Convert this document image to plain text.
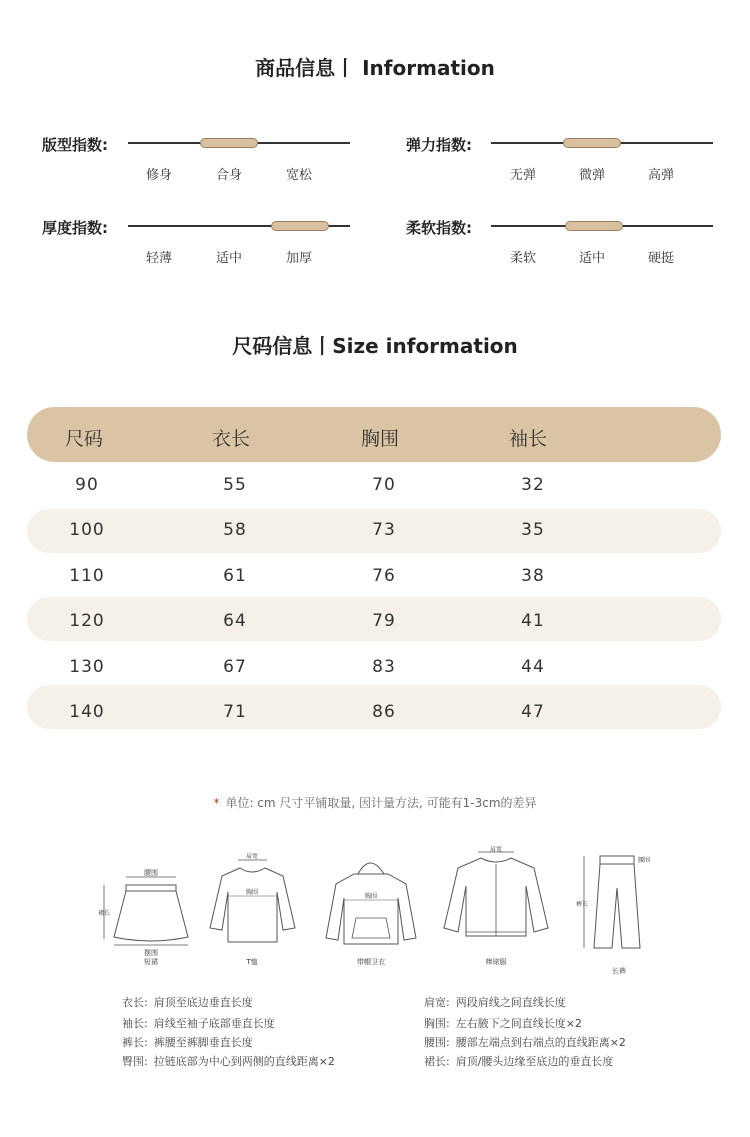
商品信息丨 Information
版型指数:
修身	合身	宽松
弹力指数:
无弹	微弹	高弹
厚度指数:
轻薄	适中	加厚
柔软指数:
柔软	适中	硬挺
尺码信息丨Size information
尺码	衣长	胸围	袖长
90	55	70	32
100	58	73	35
110	61	76	38
120	64	79	41
130	67	83	44
140	71	86	47
* 单位: cm 尺寸平铺取量, 因计量方法, 可能有1-3cm的差异
腰围
摆围
裙长
短裙
肩宽
胸围
T恤
胸围
带帽卫衣
肩宽
棒球服
裤长
腰围
长裤
衣长: 肩顶至底边垂直长度
袖长: 肩线至袖子底部垂直长度
裤长: 裤腰至裤脚垂直长度
臀围: 拉链底部为中心到两侧的直线距离×2
肩宽: 两段肩线之间直线长度
胸围: 左右腋下之间直线长度×2
腰围: 腰部左端点到右端点的直线距离×2
裙长: 肩顶/腰头边缘至底边的垂直长度
